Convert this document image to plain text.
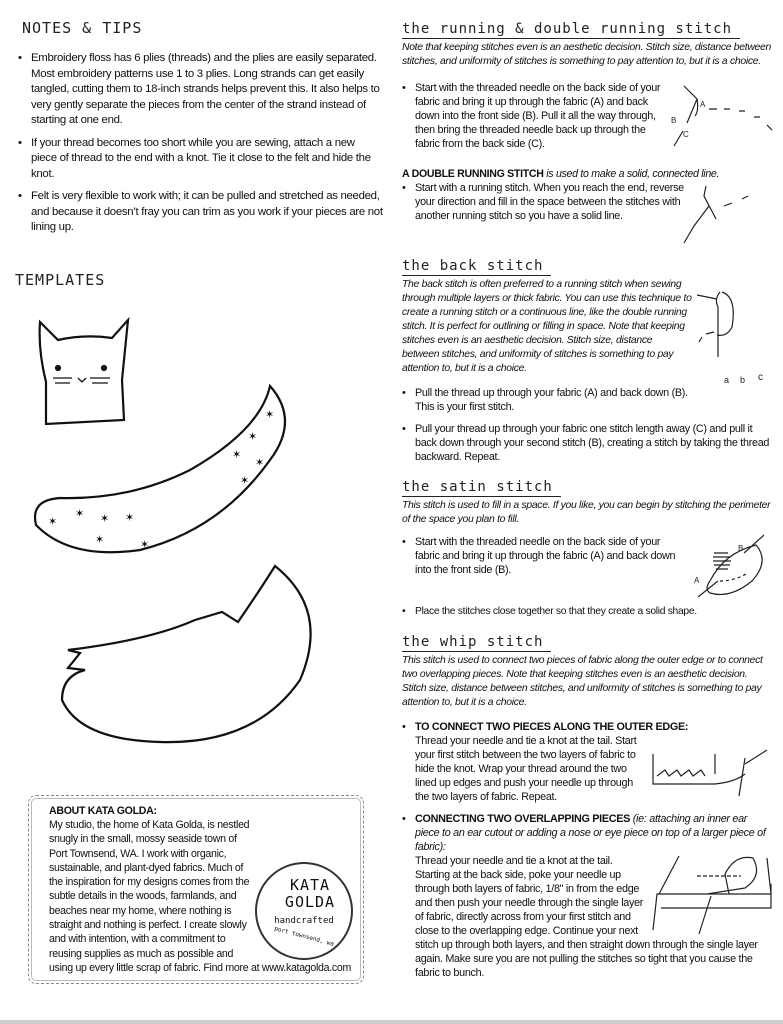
NOTES & TIPS
• Embroidery floss has 6 plies (threads) and the plies are easily separated. Most embroidery patterns use 1 to 3 plies. Long strands can get easily tangled, cutting them to 18-inch strands helps prevent this. It also helps to very gently separate the pieces from the center of the strand instead of starting at one end.
• If your thread becomes too short while you are sewing, attach a new piece of thread to the end with a knot. Tie it close to the felt and hide the knot.
• Felt is very flexible to work with; it can be pulled and stretched as needed, and because it doesn’t fray you can trim as you work if your pieces are not lining up.
TEMPLATES
✶
✶
✶
✶
✶
✶
✶ ✶ ✶
✶	✶
ABOUT KATA GOLDA:
KATA
GOLDA
handcrafted
port townsend, wa
My studio, the home of Kata Golda, is nestled snugly in the small, mossy seaside town of Port Townsend, WA. I work with organic, sustainable, and plant-dyed fabrics. Much of the inspiration for my designs comes from the subtle details in the woods, farmlands, and beaches near my home, where nothing is straight and nothing is perfect. I create slowly and with intention, with a commitment to reusing supplies as much as possible and using up every little scrap of fabric. Find more at www.katagolda.com
the running & double running stitch
Note that keeping stitches even is an aesthetic decision. Stitch size, distance between stitches, and uniformity of stitches is something to pay attention to, but it is a choice.
A
B
C
• Start with the threaded needle on the back side of your fabric and bring it up through the fabric (A) and back down into the front side (B). Pull it all the way through, then bring the threaded needle back up through the fabric from the back side (C).
A DOUBLE RUNNING STITCH is used to make a solid, connected line.
• Start with a running stitch. When you reach the end, reverse your direction and fill in the space between the stitches with another running stitch so you have a solid line.
the back stitch
a b c
The back stitch is often preferred to a running stitch when sewing through multiple layers or thick fabric. You can use this technique to create a running stitch or a continuous line, like the double running stitch. It is perfect for outlining or filling in space. Note that keeping stitches even is an aesthetic decision. Stitch size, distance between stitches, and uniformity of stitches is something to pay attention to, but it is a choice.
• Pull the thread up through your fabric (A) and back down (B). This is your first stitch.
• Pull your thread up through your fabric one stitch length away (C) and pull it back down through your second stitch (B), creating a stitch by taking the thread backward. Repeat.
the satin stitch
This stitch is used to fill in a space. If you like, you can begin by stitching the perimeter of the space you plan to fill.
A
B
• Start with the threaded needle on the back side of your fabric and bring it up through the fabric (A) and back down into the front side (B).
• Place the stitches close together so that they create a solid shape.
the whip stitch
This stitch is used to connect two pieces of fabric along the outer edge or to connect two overlapping pieces. Note that keeping stitches even is an aesthetic decision. Stitch size, distance between stitches, and uniformity of stitches is something to pay attention to, but it is a choice.
• TO CONNECT TWO PIECES ALONG THE OUTER EDGE:

Thread your needle and tie a knot at the tail. Start your first stitch between the two layers of fabric to hide the knot. Wrap your thread around the two lined up edges and push your needle up through the two layers of fabric. Repeat.
• CONNECTING TWO OVERLAPPING PIECES (ie: attaching an inner ear piece to an ear cutout or adding a nose or eye piece on top of a larger piece of fabric):

Thread your needle and tie a knot at the tail. Starting at the back side, poke your needle up through both layers of fabric, 1/8" in from the edge and then push your needle through the single layer of fabric, directly across from your first stitch and close to the overlapping edge. Continue your next stitch up through both layers, and then straight down through the single layer again. Make sure you are not pulling the stitches so tight that you cause the fabric to bunch.
